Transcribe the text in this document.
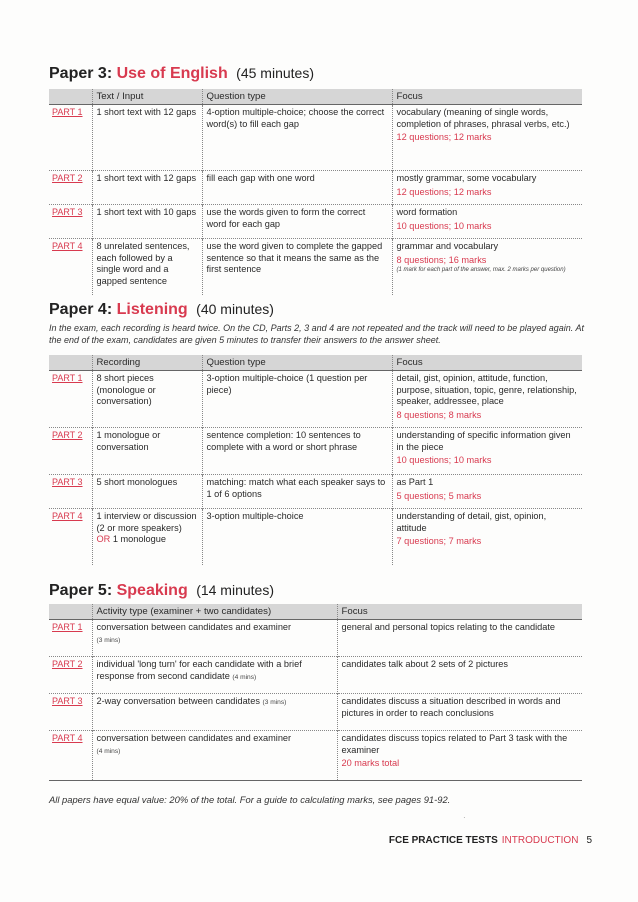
Paper 3: Use of English (45 minutes)
	Text / Input	Question type	Focus
PART 1	1 short text with 12 gaps	4-option multiple-choice; choose the correct word(s) to fill each gap	vocabulary (meaning of single words, completion of phrases, phrasal verbs, etc.)
12 questions; 12 marks

PART 2	1 short text with 12 gaps	fill each gap with one word	mostly grammar, some vocabulary
12 questions; 12 marks

PART 3	1 short text with 10 gaps	use the words given to form the correct word for each gap	word formation
10 questions; 10 marks

PART 4	8 unrelated sentences, each followed by a single word and a gapped sentence	use the word given to complete the gapped sentence so that it means the same as the first sentence	grammar and vocabulary
8 questions; 16 marks
(1 mark for each part of the answer, max. 2 marks per question)
Paper 4: Listening (40 minutes)
In the exam, each recording is heard twice. On the CD, Parts 2, 3 and 4 are not repeated and the track will need to be played again. At the end of the exam, candidates are given 5 minutes to transfer their answers to the answer sheet.
	Recording	Question type	Focus
PART 1	8 short pieces (monologue or conversation)	3-option multiple-choice (1 question per piece)	detail, gist, opinion, attitude, function, purpose, situation, topic, genre, relationship, speaker, addressee, place
8 questions; 8 marks

PART 2	1 monologue or conversation	sentence completion: 10 sentences to complete with a word or short phrase	understanding of specific information given in the piece
10 questions; 10 marks

PART 3	5 short monologues	matching: match what each speaker says to 1 of 6 options	as Part 1
5 questions; 5 marks

PART 4	1 interview or discussion (2 or more speakers)
OR 1 monologue	3-option multiple-choice	understanding of detail, gist, opinion, attitude
7 questions; 7 marks
Paper 5: Speaking (14 minutes)
	Activity type (examiner + two candidates)	Focus
PART 1	conversation between candidates and examiner
(3 mins)	general and personal topics relating to the candidate
PART 2	individual 'long turn' for each candidate with a brief response from second candidate (4 mins)	candidates talk about 2 sets of 2 pictures
PART 3	2-way conversation between candidates (3 mins)	candidates discuss a situation described in words and pictures in order to reach conclusions
PART 4	conversation between candidates and examiner
(4 mins)	candidates discuss topics related to Part 3 task with the examiner
20 marks total
All papers have equal value: 20% of the total. For a guide to calculating marks, see pages 91-92.
·
FCE PRACTICE TESTS INTRODUCTION 5
